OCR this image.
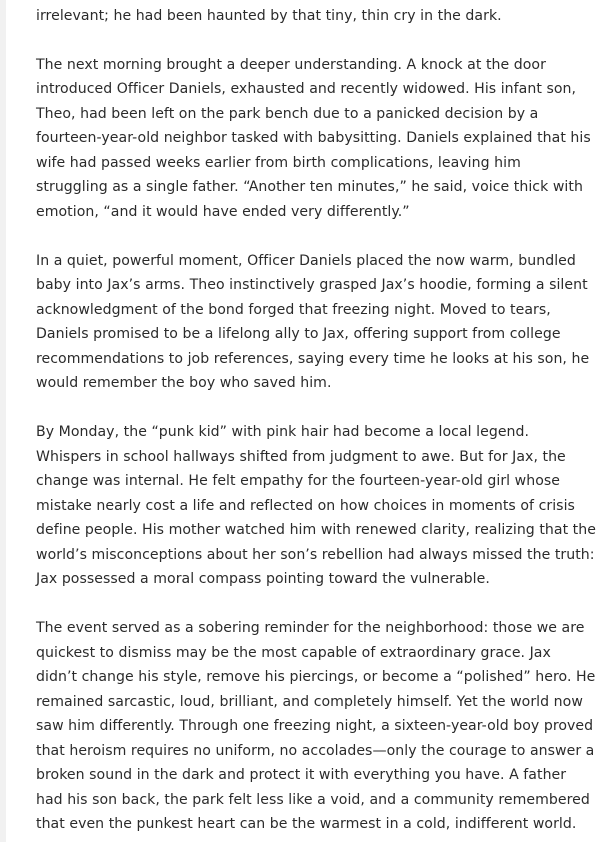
irrelevant; he had been haunted by that tiny, thin cry in the dark.

The next morning brought a deeper understanding. A knock at the door introduced Officer Daniels, exhausted and recently widowed. His infant son, Theo, had been left on the park bench due to a panicked decision by a fourteen-year-old neighbor tasked with babysitting. Daniels explained that his wife had passed weeks earlier from birth complications, leaving him struggling as a single father. “Another ten minutes,” he said, voice thick with emotion, “and it would have ended very differently.”

In a quiet, powerful moment, Officer Daniels placed the now warm, bundled baby into Jax’s arms. Theo instinctively grasped Jax’s hoodie, forming a silent acknowledgment of the bond forged that freezing night. Moved to tears, Daniels promised to be a lifelong ally to Jax, offering support from college recommendations to job references, saying every time he looks at his son, he would remember the boy who saved him.

By Monday, the “punk kid” with pink hair had become a local legend. Whispers in school hallways shifted from judgment to awe. But for Jax, the change was internal. He felt empathy for the fourteen-year-old girl whose mistake nearly cost a life and reflected on how choices in moments of crisis define people. His mother watched him with renewed clarity, realizing that the world’s misconceptions about her son’s rebellion had always missed the truth: Jax possessed a moral compass pointing toward the vulnerable.

The event served as a sobering reminder for the neighborhood: those we are quickest to dismiss may be the most capable of extraordinary grace. Jax didn’t change his style, remove his piercings, or become a “polished” hero. He remained sarcastic, loud, brilliant, and completely himself. Yet the world now saw him differently. Through one freezing night, a sixteen-year-old boy proved that heroism requires no uniform, no accolades—only the courage to answer a broken sound in the dark and protect it with everything you have. A father had his son back, the park felt less like a void, and a community remembered that even the punkest heart can be the warmest in a cold, indifferent world.
